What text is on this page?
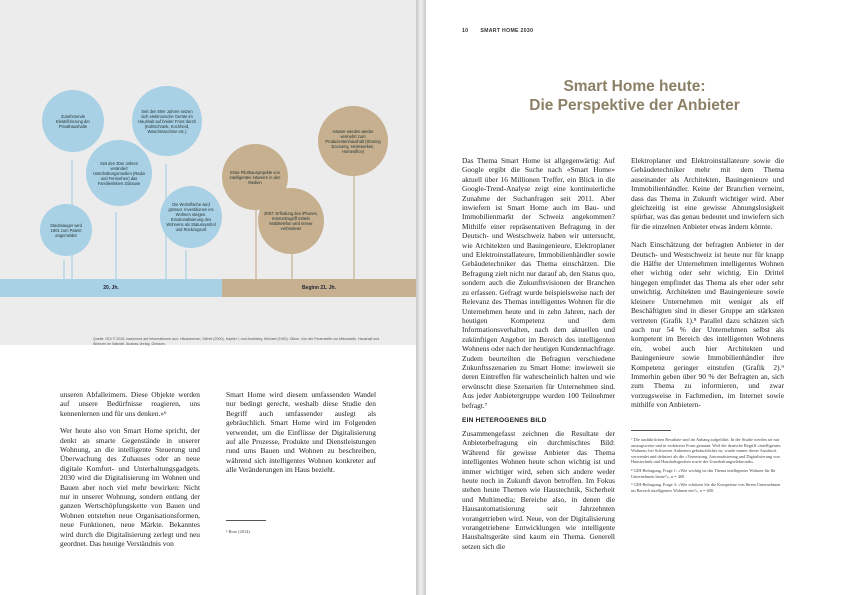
Zunehmende Elektrifizierung der Privathaushalte
Staubsauger wird 1901 zum Patent angemeldet
Seit den 30er Jahren verändert Unterhaltungsmedien (Radio und Fernsehen) das Familienleben Zuhause
Seit den 50er Jahren setzen sich elektronische Geräte im Haushalt auf breiter Front durch (Kühlschrank, Kochherd, Waschmaschine etc.)
Die Wohnfläche wird grösser. Investitionen ins Wohnen steigen. Emotionalisierung des Wohnens als Statussymbol und Rückzugsort
Erste Pilothausprojekte von intelligenten Häusern in den Medien
2007: Erfindung des iPhones, Internetzugriff mittels Mobiltelefon wird immer verbreiteter
Häuser werden wieder vermehrt zum Produzentenhaushalt (Sharing Economy, Heimwerken, Homeoffice)
20. Jh.	Beginn 21. Jh.
Quelle: GDI © 2015, basierend auf Informationen aus: Häusserman, Siebel (2000), Kapitel I, und Andritzky, Michael (1992): Oikos. Von der Feuerstelle zur Mikrowelle. Haushalt und Wohnen im Wandel. Anabas-Verlag, Giessen.

unseren Abfalleimern. Diese Objekte werden auf unsere Bedürfnisse reagieren, uns kennenlernen und für uns denken.»⁶

Wer heute also von Smart Home spricht, der denkt an smarte Gegenstände in unserer Wohnung, an die intelligente Steuerung und Überwachung des Zuhauses oder an neue digitale Komfort- und Unterhaltungsgadgets. 2030 wird die Digitalisierung im Wohnen und Bauen aber noch viel mehr bewirken: Nicht nur in unserer Wohnung, sondern entlang der ganzen Wertschöpfungskette von Bauen und Wohnen entstehen neue Organisationsformen, neue Funktionen, neue Märkte. Bekanntes wird durch die Digitalisierung zerlegt und neu geordnet. Das heutige Verständnis von

Smart Home wird diesem umfassenden Wandel nur bedingt gerecht, weshalb diese Studie den Begriff auch umfassender auslegt als gebräuchlich. Smart Home wird im Folgenden verwendet, um die Einflüsse der Digitalisierung auf alle Prozesse, Produkte und Dienstleistungen rund ums Bauen und Wohnen zu beschreiben, während sich intelligentes Wohnen konkreter auf alle Veränderungen im Haus bezieht.

⁶ Rose (2014).
10 SMART HOME 2030
Smart Home heute:
Die Perspektive der Anbieter

Das Thema Smart Home ist allgegenwärtig: Auf Google ergibt die Suche nach «Smart Home» aktuell über 16 Millionen Treffer, ein Blick in die Google-Trend-Analyse zeigt eine kontinuierliche Zunahme der Suchanfragen seit 2011. Aber inwiefern ist Smart Home auch im Bau- und Immobilienmarkt der Schweiz angekommen? Mithilfe einer repräsentativen Befragung in der Deutsch- und Westschweiz haben wir untersucht, wie Architekten und Bauingenieure, Elektroplaner und Elektroinstallateure, Immobilienhändler sowie Gebäudetechniker das Thema einschätzen. Die Befragung zielt nicht nur darauf ab, den Status quo, sondern auch die Zukunftsvisionen der Branchen zu erfassen. Gefragt wurde beispielsweise nach der Relevanz des Themas intelligentes Wohnen für die Unternehmen heute und in zehn Jahren, nach der heutigen Kompetenz und dem Informationsverhalten, nach dem aktuellen und zukünftigen Angebot im Bereich des intelligenten Wohnens oder nach der heutigen Kundennachfrage. Zudem beurteilten die Befragten verschiedene Zukunftsszenarien zu Smart Home: inwieweit sie deren Eintreffen für wahrscheinlich halten und wie erwünscht diese Szenarien für Unternehmen sind. Aus jeder Anbietergruppe wurden 100 Teilnehmer befragt.⁷

EIN HETEROGENES BILD

Zusammengefasst zeichnen die Resultate der Anbieterbefragung ein durchmischtes Bild: Während für gewisse Anbieter das Thema intelligentes Wohnen heute schon wichtig ist und immer wichtiger wird, sehen sich andere weder heute noch in Zukunft davon betroffen. Im Fokus stehen heute Themen wie Haustechnik, Sicherheit und Multimedia; Bereiche also, in denen die Hausautomatisierung seit Jahrzehnten vorangetrieben wird. Neue, von der Digitalisierung vorangetriebene Entwicklungen wie intelligente Haushaltsgeräte sind kaum ein Thema. Generell setzen sich die

Elektroplaner und Elektroinstallateure sowie die Gebäudetechniker mehr mit dem Thema auseinander als Architekten, Bauingenieure und Immobilienhändler. Keine der Branchen verneint, dass das Thema in Zukunft wichtiger wird. Aber gleichzeitig ist eine gewisse Ahnungslosigkeit spürbar, was das genau bedeutet und inwiefern sich für die einzelnen Anbieter etwas ändern könnte.

Nach Einschätzung der befragten Anbieter in der Deutsch- und Westschweiz ist heute nur für knapp die Hälfte der Unternehmen intelligentes Wohnen eher wichtig oder sehr wichtig. Ein Drittel hingegen empfindet das Thema als eher oder sehr unwichtig. Architekten und Bauingenieure sowie kleinere Unternehmen mit weniger als elf Beschäftigten sind in dieser Gruppe am stärksten vertreten (Grafik 1).⁸ Parallel dazu schätzen sich auch nur 54 % der Unternehmen selbst als kompetent im Bereich des intelligenten Wohnens ein, wobei auch hier Architekten und Bauingenieure sowie Immobilienhändler ihre Kompetenz geringer einstufen (Grafik 2).⁹ Immerhin geben über 90 % der Befragten an, sich zum Thema zu informieren, und zwar vorzugsweise in Fachmedien, im Internet sowie mithilfe von Anbietern-

⁷ Die ausführlichen Resultate sind im Anhang aufgeführt. In der Studie werden sie nur auszugsweise und in verkürzter Form genannt. Weil der deutsche Begriff «intelligentes Wohnen» bei Schweizer Anbietern gebräuchlicher ist, wurde immer dieser Ausdruck verwendet und definiert als die «Vernetzung, Automatisierung und Digitalisierung von Haustechnik und Haushaltsgeräten sowie der Unterhaltungselektronik».
⁸ GDI-Befragung, Frage 1: «Wie wichtig ist das Thema intelligentes Wohnen für Ihr Unternehmen heute?», n = 400.
⁹ GDI-Befragung, Frage 3: «Wie schätzen Sie die Kompetenz von Ihrem Unternehmen im Bereich intelligentes Wohnen ein?», n = 400.
